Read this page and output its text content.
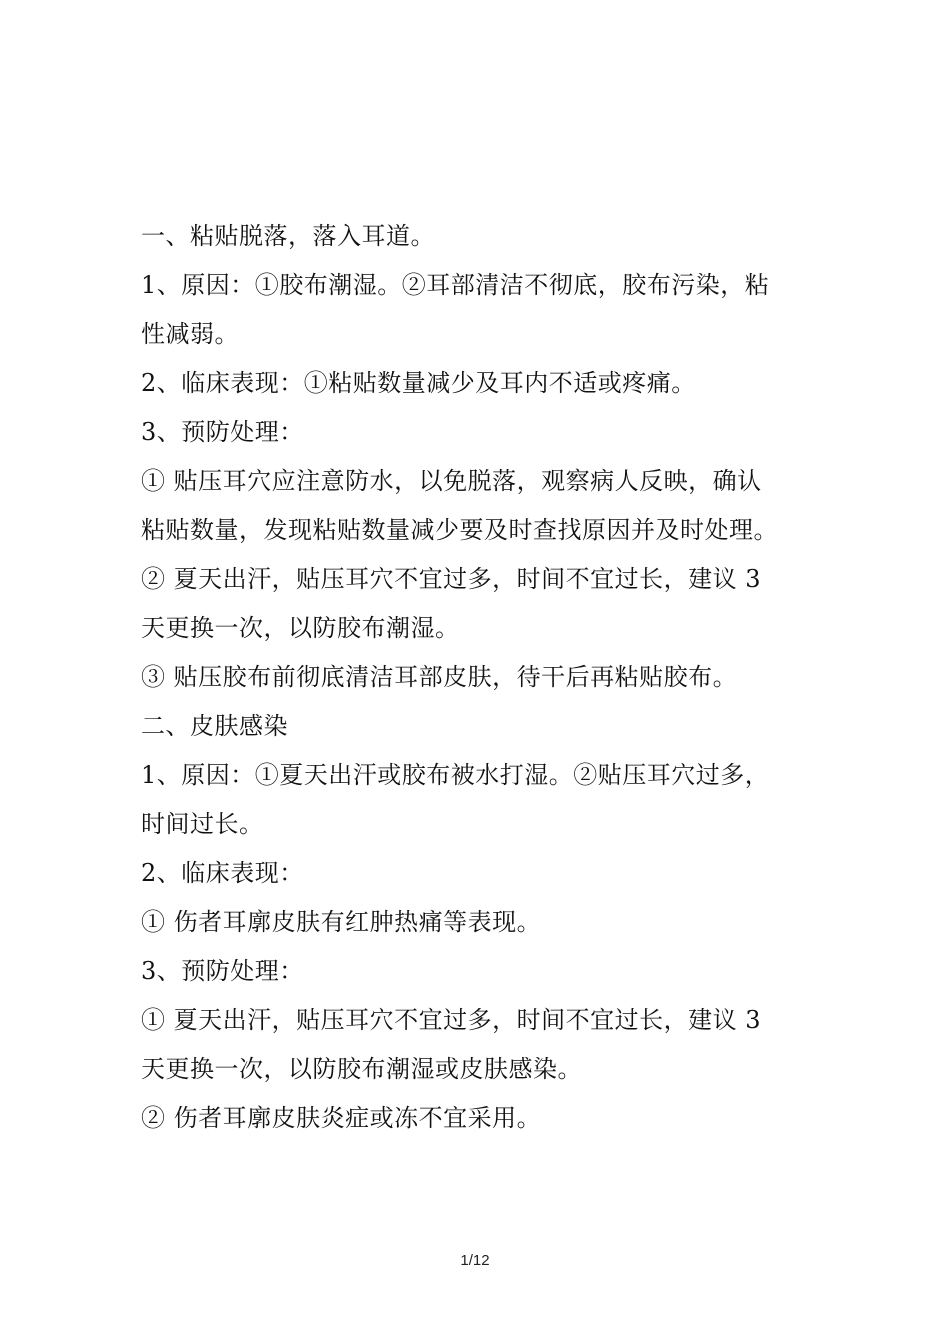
一、粘贴脱落，落入耳道。
1、原因：①胶布潮湿。②耳部清洁不彻底，胶布污染，粘
性减弱。
2、临床表现：①粘贴数量减少及耳内不适或疼痛。
3、预防处理：
① 贴压耳穴应注意防水，以免脱落，观察病人反映，确认
粘贴数量，发现粘贴数量减少要及时查找原因并及时处理。
② 夏天出汗，贴压耳穴不宜过多，时间不宜过长，建议 3
天更换一次，以防胶布潮湿。
③ 贴压胶布前彻底清洁耳部皮肤，待干后再粘贴胶布。
二、皮肤感染
1、原因：①夏天出汗或胶布被水打湿。②贴压耳穴过多，
时间过长。
2、临床表现：
① 伤者耳廓皮肤有红肿热痛等表现。
3、预防处理：
① 夏天出汗，贴压耳穴不宜过多，时间不宜过长，建议 3
天更换一次，以防胶布潮湿或皮肤感染。
② 伤者耳廓皮肤炎症或冻不宜采用。
1/12
